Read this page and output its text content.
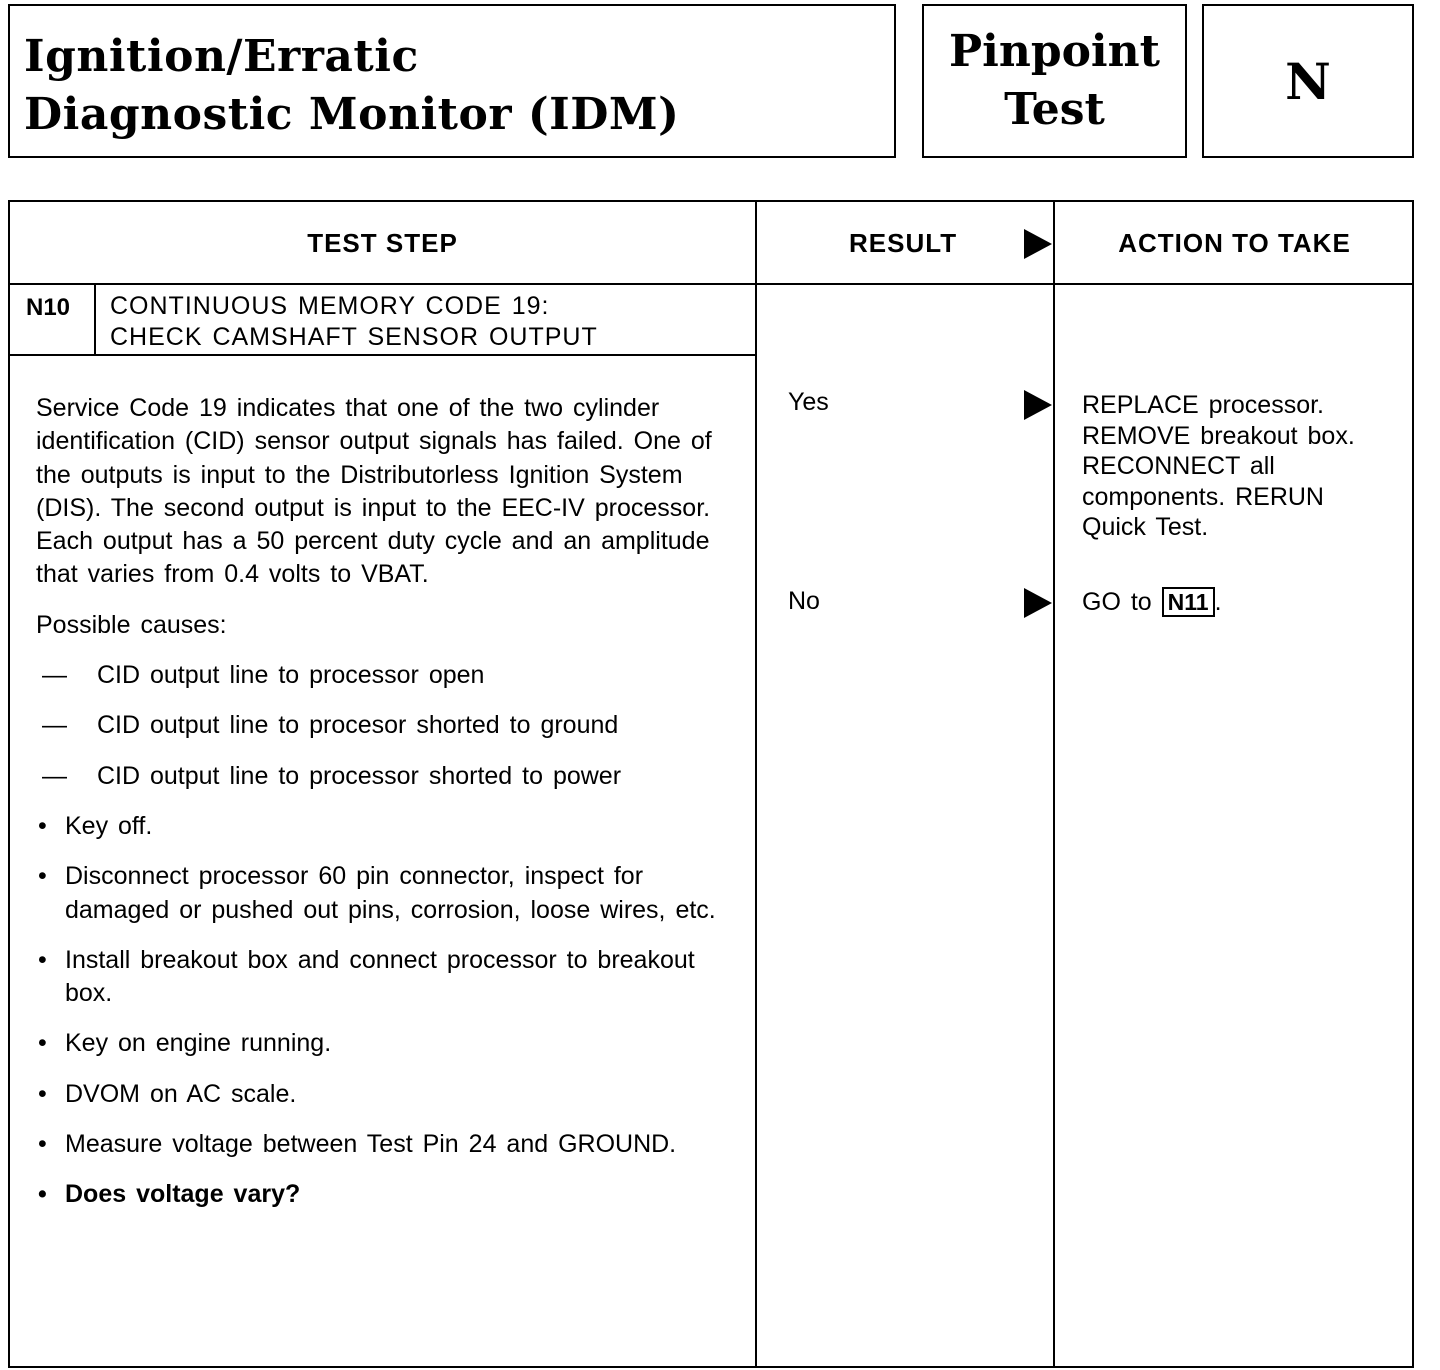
Ignition/Erratic
Diagnostic Monitor (IDM)
Pinpoint
Test	N
TEST STEP	RESULT	ACTION TO TAKE
N10 CONTINUOUS MEMORY CODE 19:
CHECK CAMSHAFT SENSOR OUTPUT

Service Code 19 indicates that one of the two cylinder identification (CID) sensor output signals has failed. One of the outputs is input to the Distributorless Ignition System (DIS). The second output is input to the EEC-IV processor. Each output has a 50 percent duty cycle and an amplitude that varies from 0.4 volts to VBAT.

Possible causes:

—	CID output line to processor open
—	CID output line to procesor shorted to ground
—	CID output line to processor shorted to power
• Key off.
• Disconnect processor 60 pin connector, inspect for damaged or pushed out pins, corrosion, loose wires, etc.
• Install breakout box and connect processor to breakout box.
• Key on engine running.
• DVOM on AC scale.
• Measure voltage between Test Pin 24 and GROUND.
• Does voltage vary?
Yes	REPLACE processor.
REMOVE breakout box.
RECONNECT all
components. RERUN
Quick Test.
No	GO to N11 .
